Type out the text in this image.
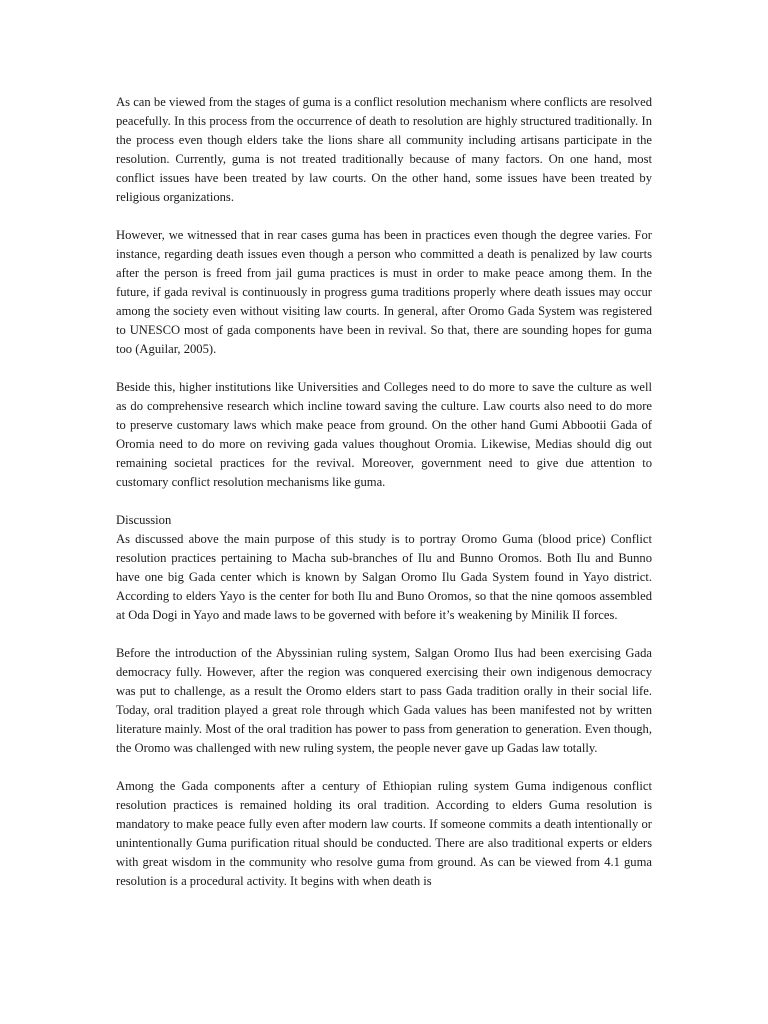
As can be viewed from the stages of guma is a conflict resolution mechanism where conflicts are resolved peacefully. In this process from the occurrence of death to resolution are highly structured traditionally. In the process even though elders take the lions share all community including artisans participate in the resolution. Currently, guma is not treated traditionally because of many factors. On one hand, most conflict issues have been treated by law courts. On the other hand, some issues have been treated by religious organizations.

However, we witnessed that in rear cases guma has been in practices even though the degree varies. For instance, regarding death issues even though a person who committed a death is penalized by law courts after the person is freed from jail guma practices is must in order to make peace among them. In the future, if gada revival is continuously in progress guma traditions properly where death issues may occur among the society even without visiting law courts. In general, after Oromo Gada System was registered to UNESCO most of gada components have been in revival. So that, there are sounding hopes for guma too (Aguilar, 2005).

Beside this, higher institutions like Universities and Colleges need to do more to save the culture as well as do comprehensive research which incline toward saving the culture. Law courts also need to do more to preserve customary laws which make peace from ground. On the other hand Gumi Abbootii Gada of Oromia need to do more on reviving gada values thoughout Oromia. Likewise, Medias should dig out remaining societal practices for the revival. Moreover, government need to give due attention to customary conflict resolution mechanisms like guma.

Discussion

As discussed above the main purpose of this study is to portray Oromo Guma (blood price) Conflict resolution practices pertaining to Macha sub-branches of Ilu and Bunno Oromos. Both Ilu and Bunno have one big Gada center which is known by Salgan Oromo Ilu Gada System found in Yayo district. According to elders Yayo is the center for both Ilu and Buno Oromos, so that the nine qomoos assembled at Oda Dogi in Yayo and made laws to be governed with before it’s weakening by Minilik II forces.

Before the introduction of the Abyssinian ruling system, Salgan Oromo Ilus had been exercising Gada democracy fully. However, after the region was conquered exercising their own indigenous democracy was put to challenge, as a result the Oromo elders start to pass Gada tradition orally in their social life. Today, oral tradition played a great role through which Gada values has been manifested not by written literature mainly. Most of the oral tradition has power to pass from generation to generation. Even though, the Oromo was challenged with new ruling system, the people never gave up Gadas law totally.

Among the Gada components after a century of Ethiopian ruling system Guma indigenous conflict resolution practices is remained holding its oral tradition. According to elders Guma resolution is mandatory to make peace fully even after modern law courts. If someone commits a death intentionally or unintentionally Guma purification ritual should be conducted. There are also traditional experts or elders with great wisdom in the community who resolve guma from ground. As can be viewed from 4.1 guma resolution is a procedural activity. It begins with when death is
